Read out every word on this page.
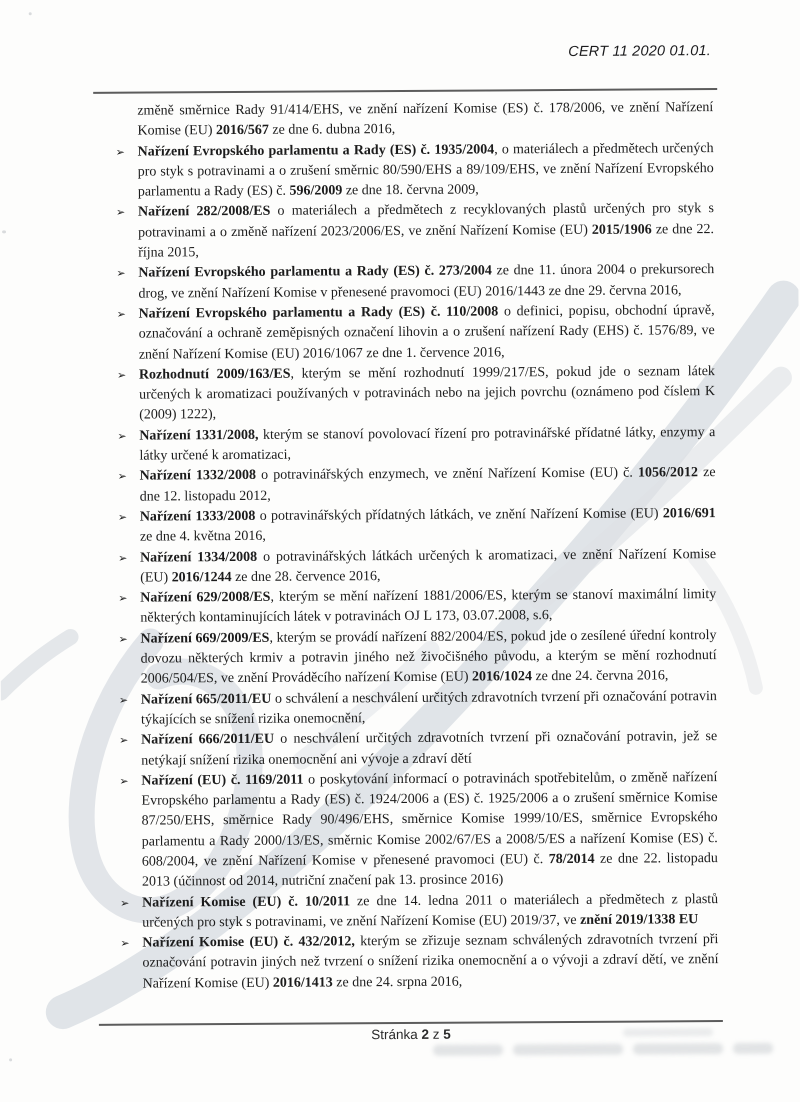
CERT 11 2020 01.01.

změně směrnice Rady 91/414/EHS, ve znění nařízení Komise (ES) č. 178/2006, ve znění Nařízení Komise (EU) 2016/567 ze dne 6. dubna 2016,

➢ Nařízení Evropského parlamentu a Rady (ES) č. 1935/2004, o materiálech a předmětech určených pro styk s potravinami a o zrušení směrnic 80/590/EHS a 89/109/EHS, ve znění Nařízení Evropského parlamentu a Rady (ES) č. 596/2009 ze dne 18. června 2009,
➢ Nařízení 282/2008/ES o materiálech a předmětech z recyklovaných plastů určených pro styk s potravinami a o změně nařízení 2023/2006/ES, ve znění Nařízení Komise (EU) 2015/1906 ze dne 22. října 2015,
➢ Nařízení Evropského parlamentu a Rady (ES) č. 273/2004 ze dne 11. února 2004 o prekursorech drog, ve znění Nařízení Komise v přenesené pravomoci (EU) 2016/1443 ze dne 29. června 2016,
➢ Nařízení Evropského parlamentu a Rady (ES) č. 110/2008 o definici, popisu, obchodní úpravě, označování a ochraně zeměpisných označení lihovin a o zrušení nařízení Rady (EHS) č. 1576/89, ve znění Nařízení Komise (EU) 2016/1067 ze dne 1. července 2016,
➢ Rozhodnutí 2009/163/ES, kterým se mění rozhodnutí 1999/217/ES, pokud jde o seznam látek určených k aromatizaci používaných v potravinách nebo na jejich povrchu (oznámeno pod číslem K (2009) 1222),
➢ Nařízení 1331/2008, kterým se stanoví povolovací řízení pro potravinářské přídatné látky, enzymy a látky určené k aromatizaci,
➢ Nařízení 1332/2008 o potravinářských enzymech, ve znění Nařízení Komise (EU) č. 1056/2012 ze dne 12. listopadu 2012,
➢ Nařízení 1333/2008 o potravinářských přídatných látkách, ve znění Nařízení Komise (EU) 2016/691 ze dne 4. května 2016,
➢ Nařízení 1334/2008 o potravinářských látkách určených k aromatizaci, ve znění Nařízení Komise (EU) 2016/1244 ze dne 28. července 2016,
➢ Nařízení 629/2008/ES, kterým se mění nařízení 1881/2006/ES, kterým se stanoví maximální limity některých kontaminujících látek v potravinách OJ L 173, 03.07.2008, s.6,
➢ Nařízení 669/2009/ES, kterým se provádí nařízení 882/2004/ES, pokud jde o zesílené úřední kontroly dovozu některých krmiv a potravin jiného než živočišného původu, a kterým se mění rozhodnutí 2006/504/ES, ve znění Prováděcího nařízení Komise (EU) 2016/1024 ze dne 24. června 2016,
➢ Nařízení 665/2011/EU o schválení a neschválení určitých zdravotních tvrzení při označování potravin týkajících se snížení rizika onemocnění,
➢ Nařízení 666/2011/EU o neschválení určitých zdravotních tvrzení při označování potravin, jež se netýkají snížení rizika onemocnění ani vývoje a zdraví dětí
➢ Nařízení (EU) č. 1169/2011 o poskytování informací o potravinách spotřebitelům, o změně nařízení Evropského parlamentu a Rady (ES) č. 1924/2006 a (ES) č. 1925/2006 a o zrušení směrnice Komise 87/250/EHS, směrnice Rady 90/496/EHS, směrnice Komise 1999/10/ES, směrnice Evropského parlamentu a Rady 2000/13/ES, směrnic Komise 2002/67/ES a 2008/5/ES a nařízení Komise (ES) č. 608/2004, ve znění Nařízení Komise v přenesené pravomoci (EU) č. 78/2014 ze dne 22. listopadu 2013 (účinnost od 2014, nutriční značení pak 13. prosince 2016)
➢ Nařízení Komise (EU) č. 10/2011 ze dne 14. ledna 2011 o materiálech a předmětech z plastů určených pro styk s potravinami, ve znění Nařízení Komise (EU) 2019/37, ve znění 2019/1338 EU
➢ Nařízení Komise (EU) č. 432/2012, kterým se zřizuje seznam schválených zdravotních tvrzení při označování potravin jiných než tvrzení o snížení rizika onemocnění a o vývoji a zdraví dětí, ve znění Nařízení Komise (EU) 2016/1413 ze dne 24. srpna 2016,
Stránka 2 z 5
